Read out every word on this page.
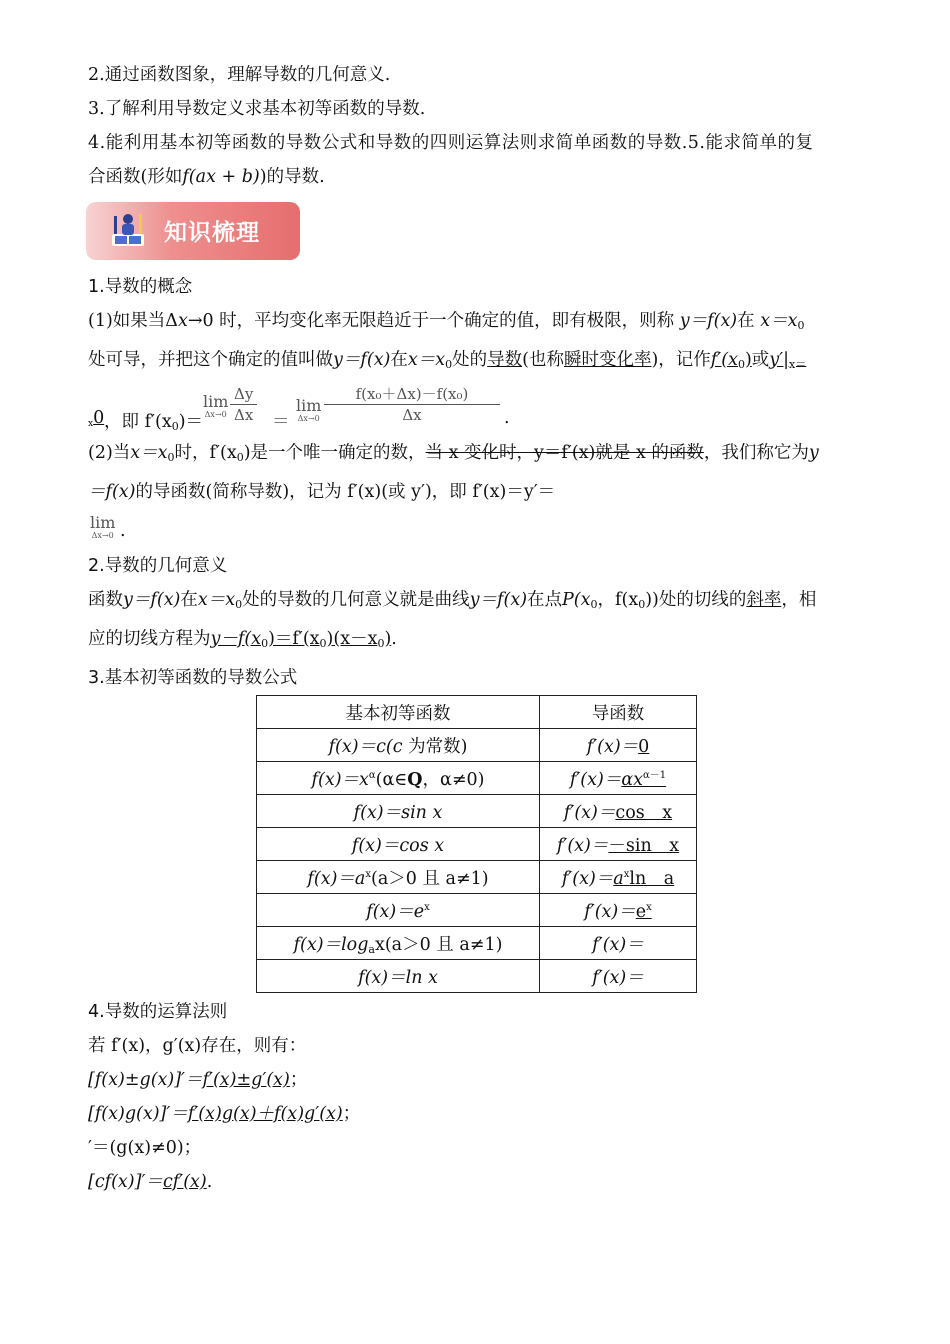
2.通过函数图象，理解导数的几何意义.
3.了解利用导数定义求基本初等函数的导数.
4.能利用基本初等函数的导数公式和导数的四则运算法则求简单函数的导数.5.能求简单的复
合函数(形如f(ax + b))的导数.
知识梳理
1.导数的概念
(1)如果当Δx→0 时，平均变化率无限趋近于一个确定的值，即有极限，则称 y＝f(x)在 $x=x_0$
处可导，并把这个确定的值叫做y＝f(x)在$x=x_0$处的导数(也称瞬时变化率)，记作$f'(x_0)$或$y'|_{x=}$
$_x$0 ，即 $f'(x_0)=$
lim
$\Delta x\to 0 \frac{\Delta y}{\Delta x}$ ＝
lim
$\Delta x\to 0 \frac{\text{f(x₀＋Δx)－f(x₀)}}{\Delta x}$ .
(2)当$x=x_0$时，$f'(x_0)$是一个唯一确定的数，当 x 变化时，y＝f′(x)就是 x 的函数，我们称它为y
＝f(x)的导函数(简称导数)，记为 f′(x)(或 y′)，即 f′(x)＝y′＝
lim
Δx→0 .
2.导数的几何意义
函数y＝f(x)在$x=x_0$处的导数的几何意义就是曲线y＝f(x)在点$P(x_0$，$f(x_0)$)处的切线的斜率，相
应的切线方程为$y-f(x_0)=f'(x_0)(x-x_0)$.
3.基本初等函数的导数公式
基本初等函数	导函数
f(x)＝c(c 为常数)	f′(x)＝0
$f(x)=x^\alpha(\alpha\in Q$，α≠0)	$f'(x)=\alpha x^{\alpha-1}$
f(x)＝sin x	f′(x)＝cos　x
f(x)＝cos x	f′(x)＝－sin　x
$f(x)=a^x(a>0$ 且 a≠1)	$f'(x)=a^x\ln$　a
$f(x)=e^x$	$f'(x)=e^x$
$f(x)=\log_ax(a>0$ 且 a≠1)	f′(x)＝
f(x)＝ln x	f′(x)＝
4.导数的运算法则
若 f′(x)，g′(x)存在，则有：
[f(x)±g(x)]′＝f′(x)±g′(x)；
[f(x)g(x)]′＝f′(x)g(x)＋f(x)g′(x)；
′＝(g(x)≠0)；
[cf(x)]′＝cf′(x).
